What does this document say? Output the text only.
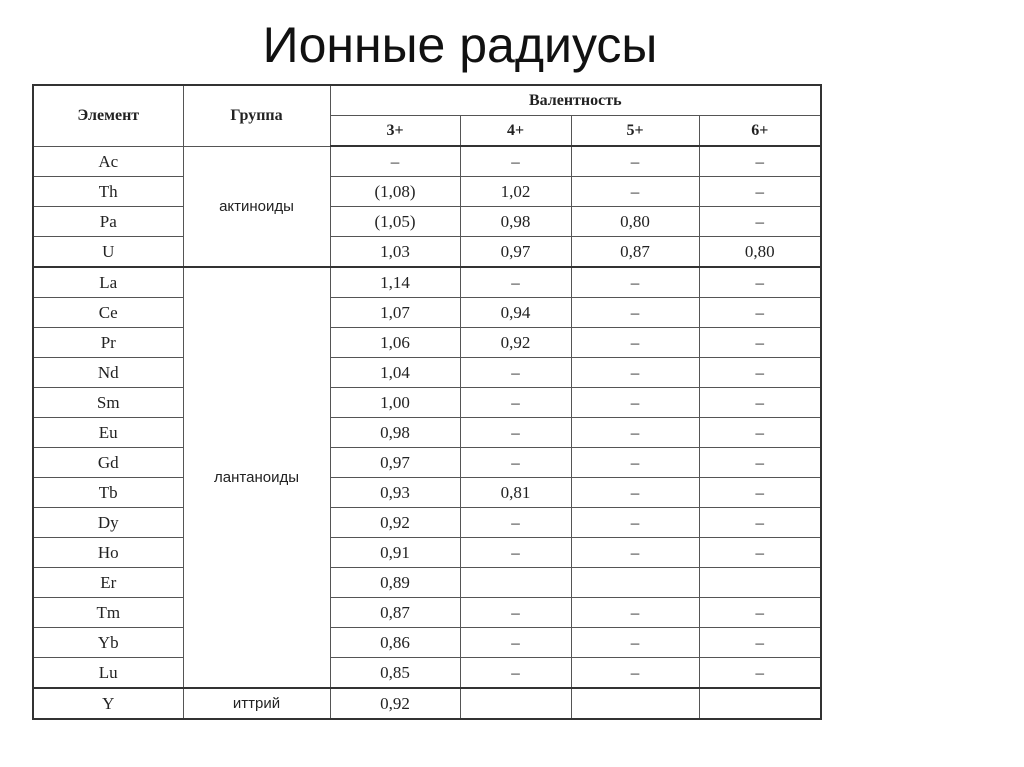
Ионные радиусы
Элемент	Группа	Валентность			
		3+	4+	5+	6+
Ac	актиноиды	–	–	–	–
Th		(1,08)	1,02	–	–
Pa		(1,05)	0,98	0,80	–
U		1,03	0,97	0,87	0,80
La	лантаноиды	1,14	–	–	–
Ce		1,07	0,94	–	–
Pr		1,06	0,92	–	–
Nd		1,04	–	–	–
Sm		1,00	–	–	–
Eu		0,98	–	–	–
Gd		0,97	–	–	–
Tb		0,93	0,81	–	–
Dy		0,92	–	–	–
Ho		0,91	–	–	–
Er		0,89			
Tm		0,87	–	–	–
Yb		0,86	–	–	–
Lu		0,85	–	–	–
Y	иттрий	0,92			
